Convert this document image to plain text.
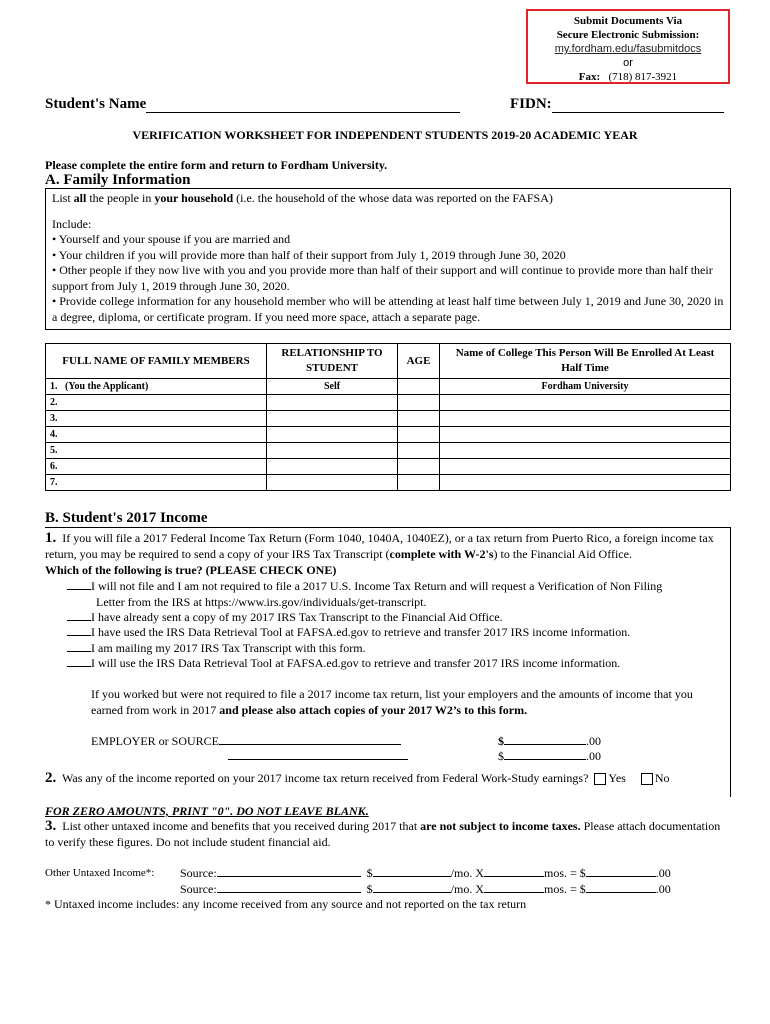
Submit Documents Via
Secure Electronic Submission:
my.fordham.edu/fasubmitdocs
or
Fax: (718) 817-3921
Student's Name	FIDN:
VERIFICATION WORKSHEET FOR INDEPENDENT STUDENTS 2019-20 ACADEMIC YEAR
Please complete the entire form and return to Fordham University.
A. Family Information

List all the people in your household (i.e. the household of the whose data was reported on the FAFSA)

Include:

• Yourself and your spouse if you are married and

• Your children if you will provide more than half of their support from July 1, 2019 through June 30, 2020

• Other people if they now live with you and you provide more than half of their support and will continue to provide more than half their support from July 1, 2019 through June 30, 2020.

• Provide college information for any household member who will be attending at least half time between July 1, 2019 and June 30, 2020 in a degree, diploma, or certificate program. If you need more space, attach a separate page.

FULL NAME OF FAMILY MEMBERS	RELATIONSHIP TO STUDENT	AGE	Name of College This Person Will Be Enrolled At Least Half Time
1. (You the Applicant)	Self		Fordham University
2.			
3.			
4.			
5.			
6.			
7.			
B. Student's 2017 Income
1. If you will file a 2017 Federal Income Tax Return (Form 1040, 1040A, 1040EZ), or a tax return from Puerto Rico, a foreign income tax return, you may be required to send a copy of your IRS Tax Transcript (complete with W-2's) to the Financial Aid Office.
Which of the following is true? (PLEASE CHECK ONE)
I will not file and I am not required to file a 2017 U.S. Income Tax Return and will request a Verification of Non Filing
Letter from the IRS at https://www.irs.gov/individuals/get-transcript.
I have already sent a copy of my 2017 IRS Tax Transcript to the Financial Aid Office.
I have used the IRS Data Retrieval Tool at FAFSA.ed.gov to retrieve and transfer 2017 IRS income information.
I am mailing my 2017 IRS Tax Transcript with this form.
I will use the IRS Data Retrieval Tool at FAFSA.ed.gov to retrieve and transfer 2017 IRS income information.
If you worked but were not required to file a 2017 income tax return, list your employers and the amounts of income that you earned from work in 2017 and please also attach copies of your 2017 W2’s to this form.
EMPLOYER or SOURCE	$	.00
$	.00
2. Was any of the income reported on your 2017 income tax return received from Federal Work-Study earnings? Yes No
FOR ZERO AMOUNTS, PRINT "0". DO NOT LEAVE BLANK.
3. List other untaxed income and benefits that you received during 2017 that are not subject to income taxes. Please attach documentation to verify these figures. Do not include student financial aid.
Other Untaxed Income*: Source:	$	/mo. X	mos. = $	.00
Source:	$	/mo. X	mos. = $	.00
* Untaxed income includes: any income received from any source and not reported on the tax return
